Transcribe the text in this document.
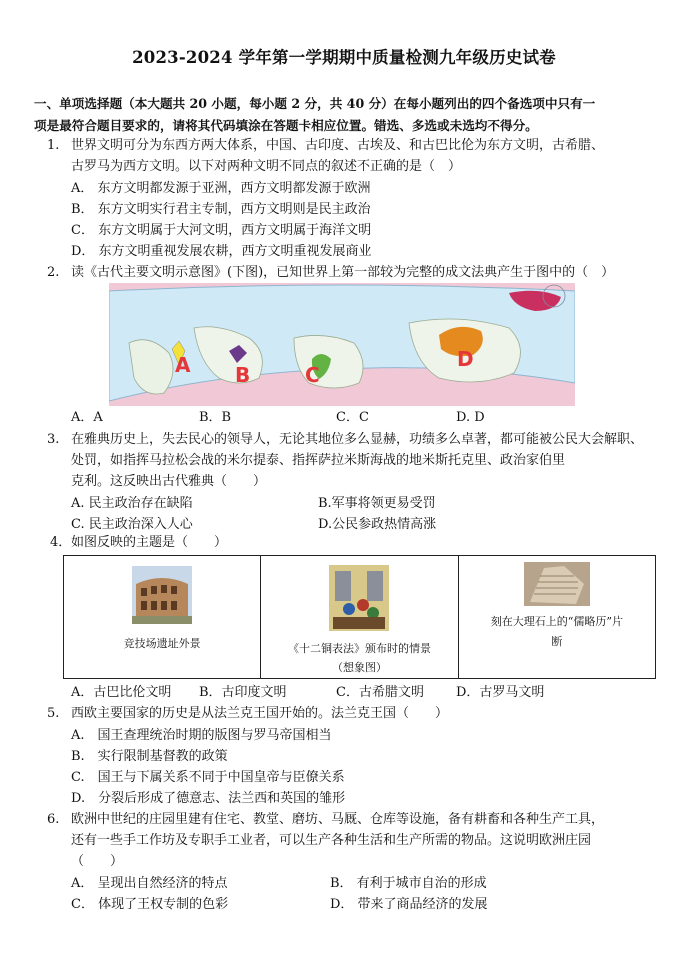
2023-2024 学年第一学期期中质量检测九年级历史试卷
一、单项选择题（本大题共 20 小题，每小题 2 分，共 40 分）在每小题列出的四个备选项中只有一
项是最符合题目要求的，请将其代码填涂在答题卡相应位置。错选、多选或未选均不得分。
1. 世界文明可分为东西方两大体系，中国、古印度、古埃及、和古巴比伦为东方文明，古希腊、
古罗马为西方文明。以下对两种文明不同点的叙述不正确的是（　）
A． 东方文明都发源于亚洲，西方文明都发源于欧洲
B． 东方文明实行君主专制，西方文明则是民主政治
C． 东方文明属于大河文明，西方文明属于海洋文明
D． 东方文明重视发展农耕，西方文明重视发展商业
2. 读《古代主要文明示意图》(下图)，已知世界上第一部较为完整的成文法典产生于图中的（　）
A B	C
D
A．A	B．B	C．C	D. D
3. 在雅典历史上，失去民心的领导人，无论其地位多么显赫，功绩多么卓著，都可能被公民大会解职、
处罚，如指挥马拉松会战的米尔提泰、指挥萨拉米斯海战的地米斯托克里、政治家伯里
克利。这反映出古代雅典（　　）
A. 民主政治存在缺陷	B.军事将领更易受罚
C. 民主政治深入人心	D.公民参政热情高涨
4． 如图反映的主题是（　　）
竞技场遗址外景	《十二铜表法》颁布时的情景
（想象图）

刻在大理石上的“儒略历”片
断
A．古巴比伦文明 B．古印度文明	C．古希腊文明 D．古罗马文明
5. 西欧主要国家的历史是从法兰克王国开始的。法兰克王国（　　）
A.　国王查理统治时期的版图与罗马帝国相当
B.　实行限制基督教的政策
C.　国王与下属关系不同于中国皇帝与臣僚关系
D.　分裂后形成了德意志、法兰西和英国的雏形
6. 欧洲中世纪的庄园里建有住宅、教堂、磨坊、马厩、仓库等设施，备有耕畜和各种生产工具，
还有一些手工作坊及专职手工业者，可以生产各种生活和生产所需的物品。这说明欧洲庄园
（　　）
A． 呈现出自然经济的特点	B． 有利于城市自治的形成
C． 体现了王权专制的色彩	D． 带来了商品经济的发展
